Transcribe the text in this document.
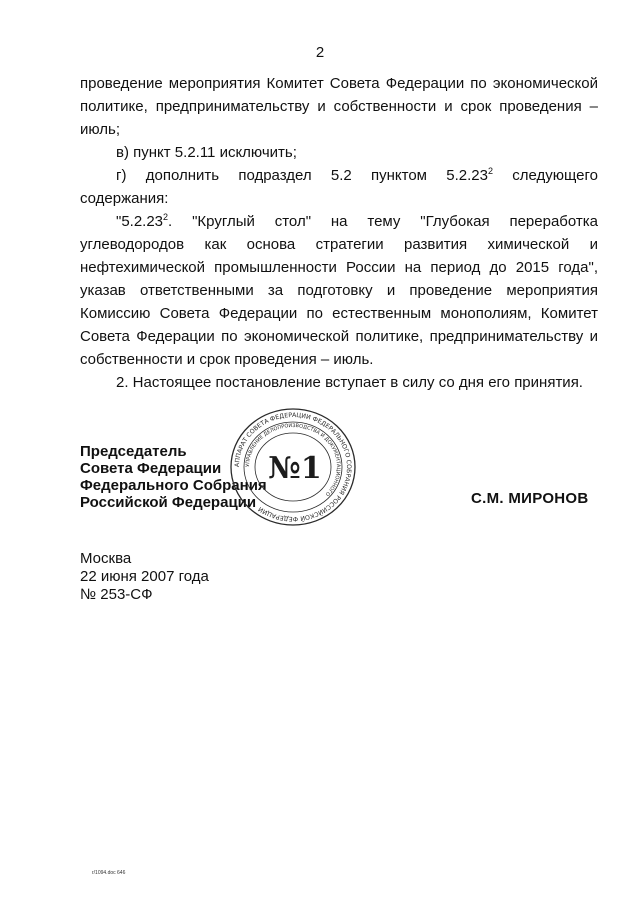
2

проведение мероприятия Комитет Совета Федерации по экономической политике, предпринимательству и собственности и срок проведения – июль;

в) пункт 5.2.11 исключить;

г) дополнить подраздел 5.2 пунктом 5.2.23$^2$ следующего содержания:

"5.2.23$^2$. "Круглый стол" на тему "Глубокая переработка углеводородов как основа стратегии развития химической и нефтехимической промышленности России на период до 2015 года", указав ответственными за подготовку и проведение мероприятия Комиссию Совета Федерации по естественным монополиям, Комитет Совета Федерации по экономической политике, предпринимательству и собственности и срок проведения – июль.

2. Настоящее постановление вступает в силу со дня его принятия.

Председатель
Совета Федерации
Федерального Собрания
Российской Федерации
АППАРАТ СОВЕТА ФЕДЕРАЦИИ ФЕДЕРАЛЬНОГО СОБРАНИЯ РОССИЙСКОЙ ФЕДЕРАЦИИ
УПРАВЛЕНИЕ ДЕЛОПРОИЗВОДСТВА И ДОКУМЕНТАЦИОННОГО
№1
С.М. МИРОНОВ
Москва
22 июня 2007 года
№ 253-СФ
r/1094.doc 646
